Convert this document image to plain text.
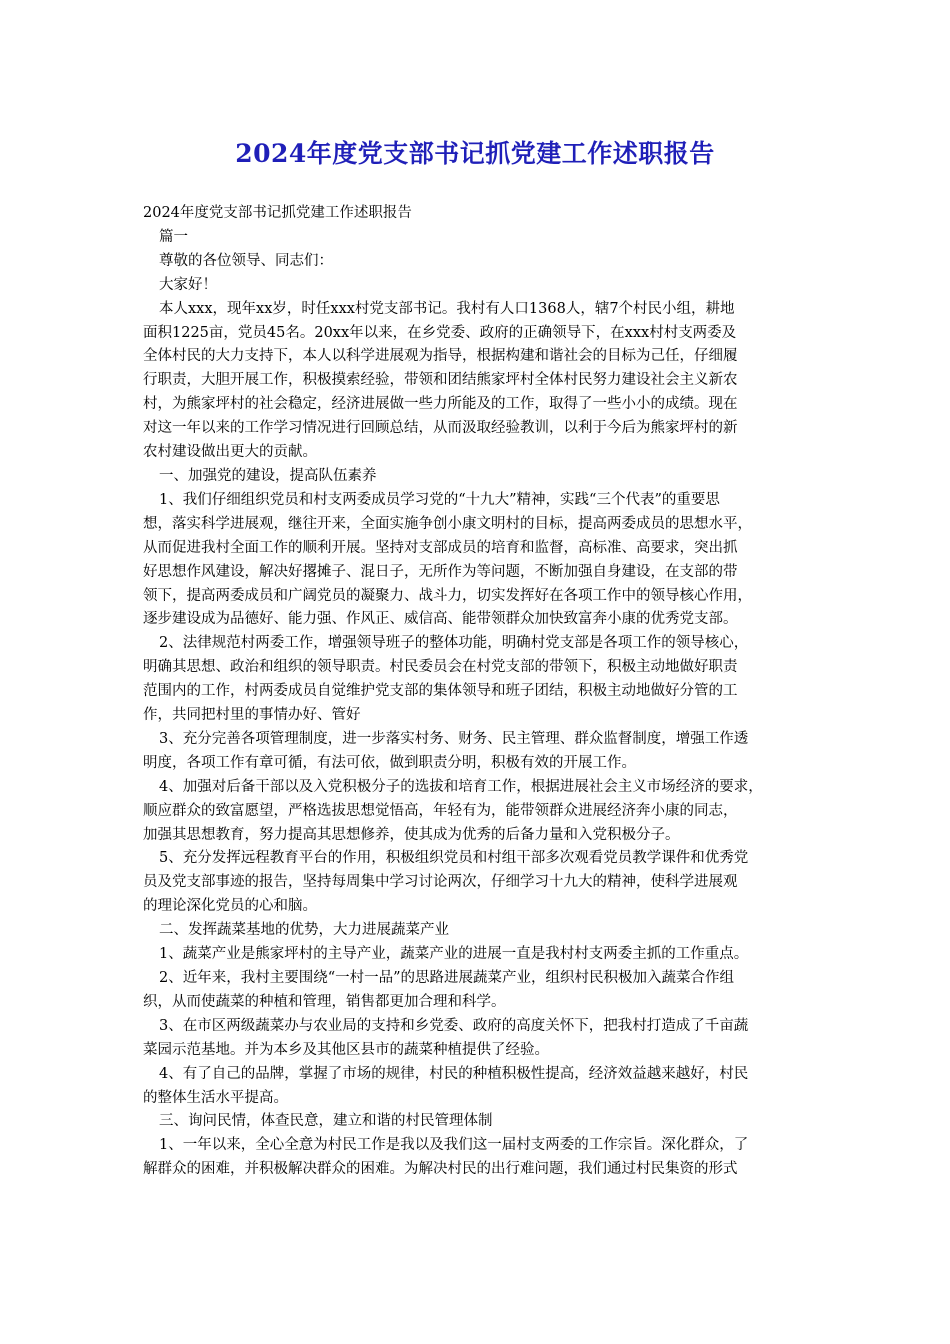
2024年度党支部书记抓党建工作述职报告
2024年度党支部书记抓党建工作述职报告
篇一
尊敬的各位领导、同志们：
大家好！
本人xxx，现年xx岁，时任xxx村党支部书记。我村有人口1368人，辖7个村民小组，耕地
面积1225亩，党员45名。20xx年以来，在乡党委、政府的正确领导下，在xxx村村支两委及
全体村民的大力支持下，本人以科学进展观为指导，根据构建和谐社会的目标为己任，仔细履
行职责，大胆开展工作，积极摸索经验，带领和团结熊家坪村全体村民努力建设社会主义新农
村，为熊家坪村的社会稳定，经济进展做一些力所能及的工作，取得了一些小小的成绩。现在
对这一年以来的工作学习情况进行回顾总结，从而汲取经验教训，以利于今后为熊家坪村的新
农村建设做出更大的贡献。
一、加强党的建设，提高队伍素养
1、我们仔细组织党员和村支两委成员学习党的“十九大”精神，实践“三个代表”的重要思
想，落实科学进展观，继往开来，全面实施争创小康文明村的目标，提高两委成员的思想水平，
从而促进我村全面工作的顺利开展。坚持对支部成员的培育和监督，高标准、高要求，突出抓
好思想作风建设，解决好撂摊子、混日子，无所作为等问题，不断加强自身建设，在支部的带
领下，提高两委成员和广阔党员的凝聚力、战斗力，切实发挥好在各项工作中的领导核心作用，
逐步建设成为品德好、能力强、作风正、威信高、能带领群众加快致富奔小康的优秀党支部。
2、法律规范村两委工作，增强领导班子的整体功能，明确村党支部是各项工作的领导核心，
明确其思想、政治和组织的领导职责。村民委员会在村党支部的带领下，积极主动地做好职责
范围内的工作，村两委成员自觉维护党支部的集体领导和班子团结，积极主动地做好分管的工
作，共同把村里的事情办好、管好
3、充分完善各项管理制度，进一步落实村务、财务、民主管理、群众监督制度，增强工作透
明度，各项工作有章可循，有法可依，做到职责分明，积极有效的开展工作。
4、加强对后备干部以及入党积极分子的选拔和培育工作，根据进展社会主义市场经济的要求，
顺应群众的致富愿望，严格选拔思想觉悟高，年轻有为，能带领群众进展经济奔小康的同志，
加强其思想教育，努力提高其思想修养，使其成为优秀的后备力量和入党积极分子。
5、充分发挥远程教育平台的作用，积极组织党员和村组干部多次观看党员教学课件和优秀党
员及党支部事迹的报告，坚持每周集中学习讨论两次，仔细学习十九大的精神，使科学进展观
的理论深化党员的心和脑。
二、发挥蔬菜基地的优势，大力进展蔬菜产业
1、蔬菜产业是熊家坪村的主导产业，蔬菜产业的进展一直是我村村支两委主抓的工作重点。
2、近年来，我村主要围绕“一村一品”的思路进展蔬菜产业，组织村民积极加入蔬菜合作组
织，从而使蔬菜的种植和管理，销售都更加合理和科学。
3、在市区两级蔬菜办与农业局的支持和乡党委、政府的高度关怀下，把我村打造成了千亩蔬
菜园示范基地。并为本乡及其他区县市的蔬菜种植提供了经验。
4、有了自己的品牌，掌握了市场的规律，村民的种植积极性提高，经济效益越来越好，村民
的整体生活水平提高。
三、询问民情，体查民意，建立和谐的村民管理体制
1、一年以来，全心全意为村民工作是我以及我们这一届村支两委的工作宗旨。深化群众，了
解群众的困难，并积极解决群众的困难。为解决村民的出行难问题，我们通过村民集资的形式
